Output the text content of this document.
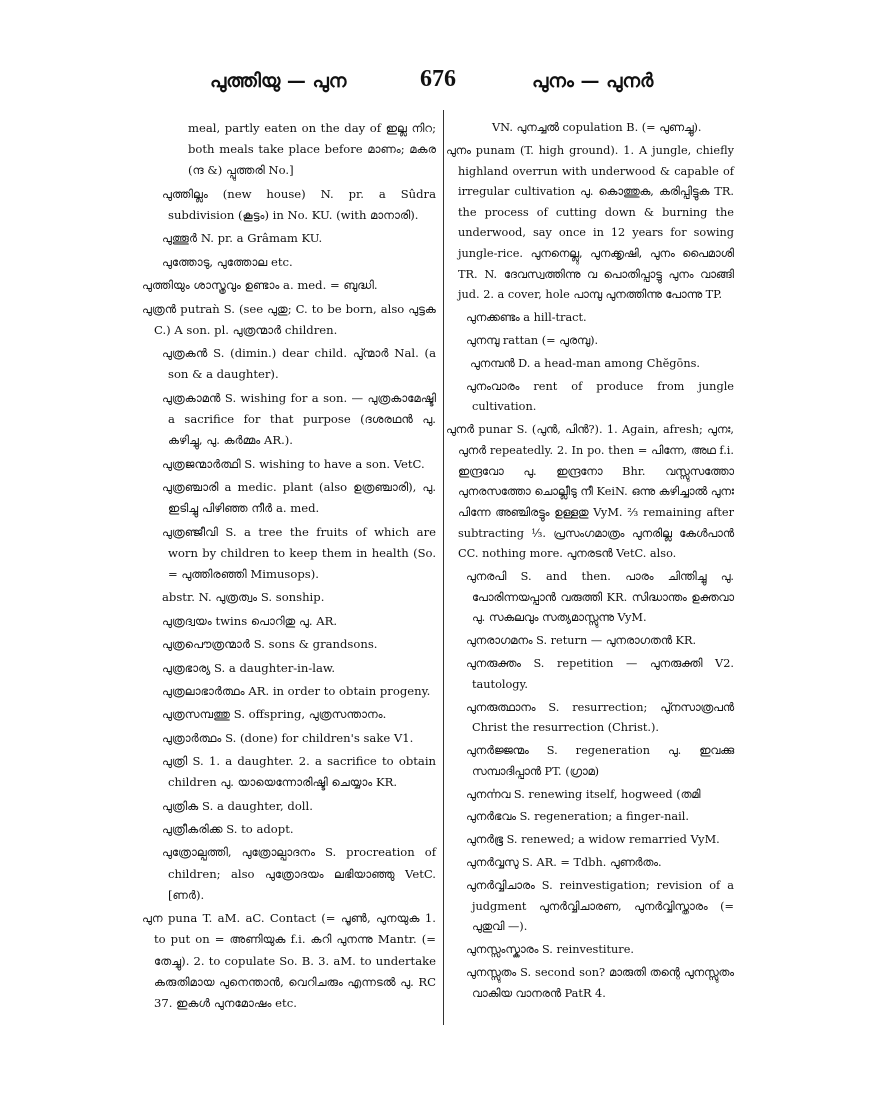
പുത്തിയു — പുന	676	പുനം — പുനർ
meal, partly eaten on the day of ഇല്ല നിറ; both meals take place before മാണം; മകര (ന്ദ &) പ്പുത്തരി No.]
പുത്തില്ലം (new house) N. pr. a Sûdra subdivision (കൂട്ടം) in No. KU. (with മാനാരി).
പുത്തൂർ N. pr. a Grâmam KU.
പുത്തോടു, പുത്തോല etc.
പുത്തിയും ശാസ്ത്രവും ഉണ്ടാം a. med. = ബുദ്ധി.
പുത്രൻ putraǹ S. (see പുതു; C. to be born, also പുട്ടക C.) A son. pl. പുത്രന്മാർ children.
പുത്രകൻ S. (dimin.) dear child. പു്ന്മാർ Nal. (a son & a daughter).
പുത്രകാമൻ S. wishing for a son. — പുത്രകാമേഷ്ടി a sacrifice for that purpose (ദശരഥൻ പു. കഴിച്ചു, പു. കർമ്മം AR.).
പുത്രജന്മാർത്ഥി S. wishing to have a son. VetC.
പുത്രഞ്ചാരി a medic. plant (also ഉത്രഞ്ചാരി), പു. ഇടിച്ചു പിഴിഞ്ഞ നീർ a. med.
പുത്രഞ്ജീവി S. a tree the fruits of which are worn by children to keep them in health (So. = പുത്തിരഞ്ഞി Mimusops).
abstr. N. പുത്രത്വം S. sonship.
പുത്രദ്വയം twins പൊറിതു പു. AR.
പുത്രപൌത്രന്മാർ S. sons & grandsons.
പുത്രഭാര്യ S. a daughter-in-law.
പുത്രലാഭാർത്ഥം AR. in order to obtain progeny.
പുത്രസമ്പത്തു S. offspring, പുത്രസന്താനം.
പുത്രാർത്ഥം S. (done) for children's sake V1.
പുത്രി S. 1. a daughter. 2. a sacrifice to obtain children പു. യായെന്നോരിഷ്ടി ചെയ്യാം KR.
പുത്രിക S. a daughter, doll.
പുത്രീകരിക്ക S. to adopt.
പുത്രോല്പത്തി, പുത്രോല്പാദനം S. procreation of children; also പുത്രോദയം ലഭിയാഞ്ഞു VetC. [ണർ).
പുന puna T. aM. aC. Contact (= പൂൺ, പുനയുക 1. to put on = അണിയുക f.i. കറി പുനന്നു Mantr. (= തേച്ചു). 2. to copulate So. B. 3. aM. to undertake കരുതിമായ പുനെന്താൻ, വെറിചരും എന്നടൽ പു. RC 37. ഇകൾ പുനമോഷം etc.
VN. പുനച്ചൽ copulation B. (= പുണച്ചു).
പുനം punam (T. high ground). 1. A jungle, chiefly highland overrun with underwood & capable of irregular cultivation പു. കൊത്തുക, കരിപ്പിട്ടുക TR. the process of cutting down & burning the underwood, say once in 12 years for sowing jungle-rice. പുനനെല്ലു, പുനക്കൃഷി, പുനം പൈമാശി TR. N. ദേവസ്വത്തിന്നു വ പൊതിപ്പാട്ടു പുനം വാങ്ങി jud. 2. a cover, hole പാമ്പു പുനത്തിന്നു പോന്നു TP.
പുനക്കണ്ടം a hill-tract.
പുനമ്പു rattan (= പുരമ്പു).
പുനമ്പൻ D. a head-man among Chĕgōns.
പുനംവാരം rent of produce from jungle cultivation.
പുനർ punar S. (പുൻ, പിൻ?). 1. Again, afresh; പുനഃ, പുനർ repeatedly. 2. In po. then = പിന്നേ, അഥ f.i. ഇന്ദ്രവോ പു. ഇന്ദ്രനോ Bhr. വസ്സുസത്തോ പുനരസത്തോ ചൊല്ലീടു നീ KeiN. ഒന്നു കഴിച്ചാൽ പുനഃ പിന്നേ അഞ്ചിരട്ടും ഉള്ളതു VyM. ⅔ remaining after subtracting ⅓. പ്രസംഗമാത്രം പുനരില്ല കേൾപാൻ CC. nothing more. പുനരടൻ VetC. also.
പുനരപി S. and then. പാരം ചിന്തിച്ചു പു. പോരിന്നയപ്പാൻ വരുത്തി KR. സിദ്ധാന്തം ഉക്തവാ പു. സകലവും സത്യമാസ്സുന്നു VyM.
പുനരാഗമനം S. return — പുനരാഗതൻ KR.
പുനരുക്തം S. repetition — പുനരുക്തി V2. tautology.
പുനരുത്ഥാനം S. resurrection; പു്നസാത്രപൻ Christ the resurrection (Christ.).
പുനർജ്ജന്മം S. regeneration പു. ഇവക്കു സമ്പാദിപ്പാൻ PT. (ഗ്രാമ)
പുനൎന്നവ S. renewing itself, hogweed (തമി
പുനർഭവം S. regeneration; a finger-nail.
പുനർഭൂ S. renewed; a widow remarried VyM.
പുനർവ്വസു S. AR. = Tdbh. പുണർതം.
പുനർവ്വിചാരം S. reinvestigation; revision of a judgment പുനർവ്വിചാരണ, പുനർവ്വിസ്താരം (= പുതുവി —).
പുനസ്സംസ്കാരം S. reinvestiture.
പുനസ്സുതം S. second son? മാരുതി തന്റെ പുനസ്സുതം വാകിയ വാനരൻ PatR 4.
